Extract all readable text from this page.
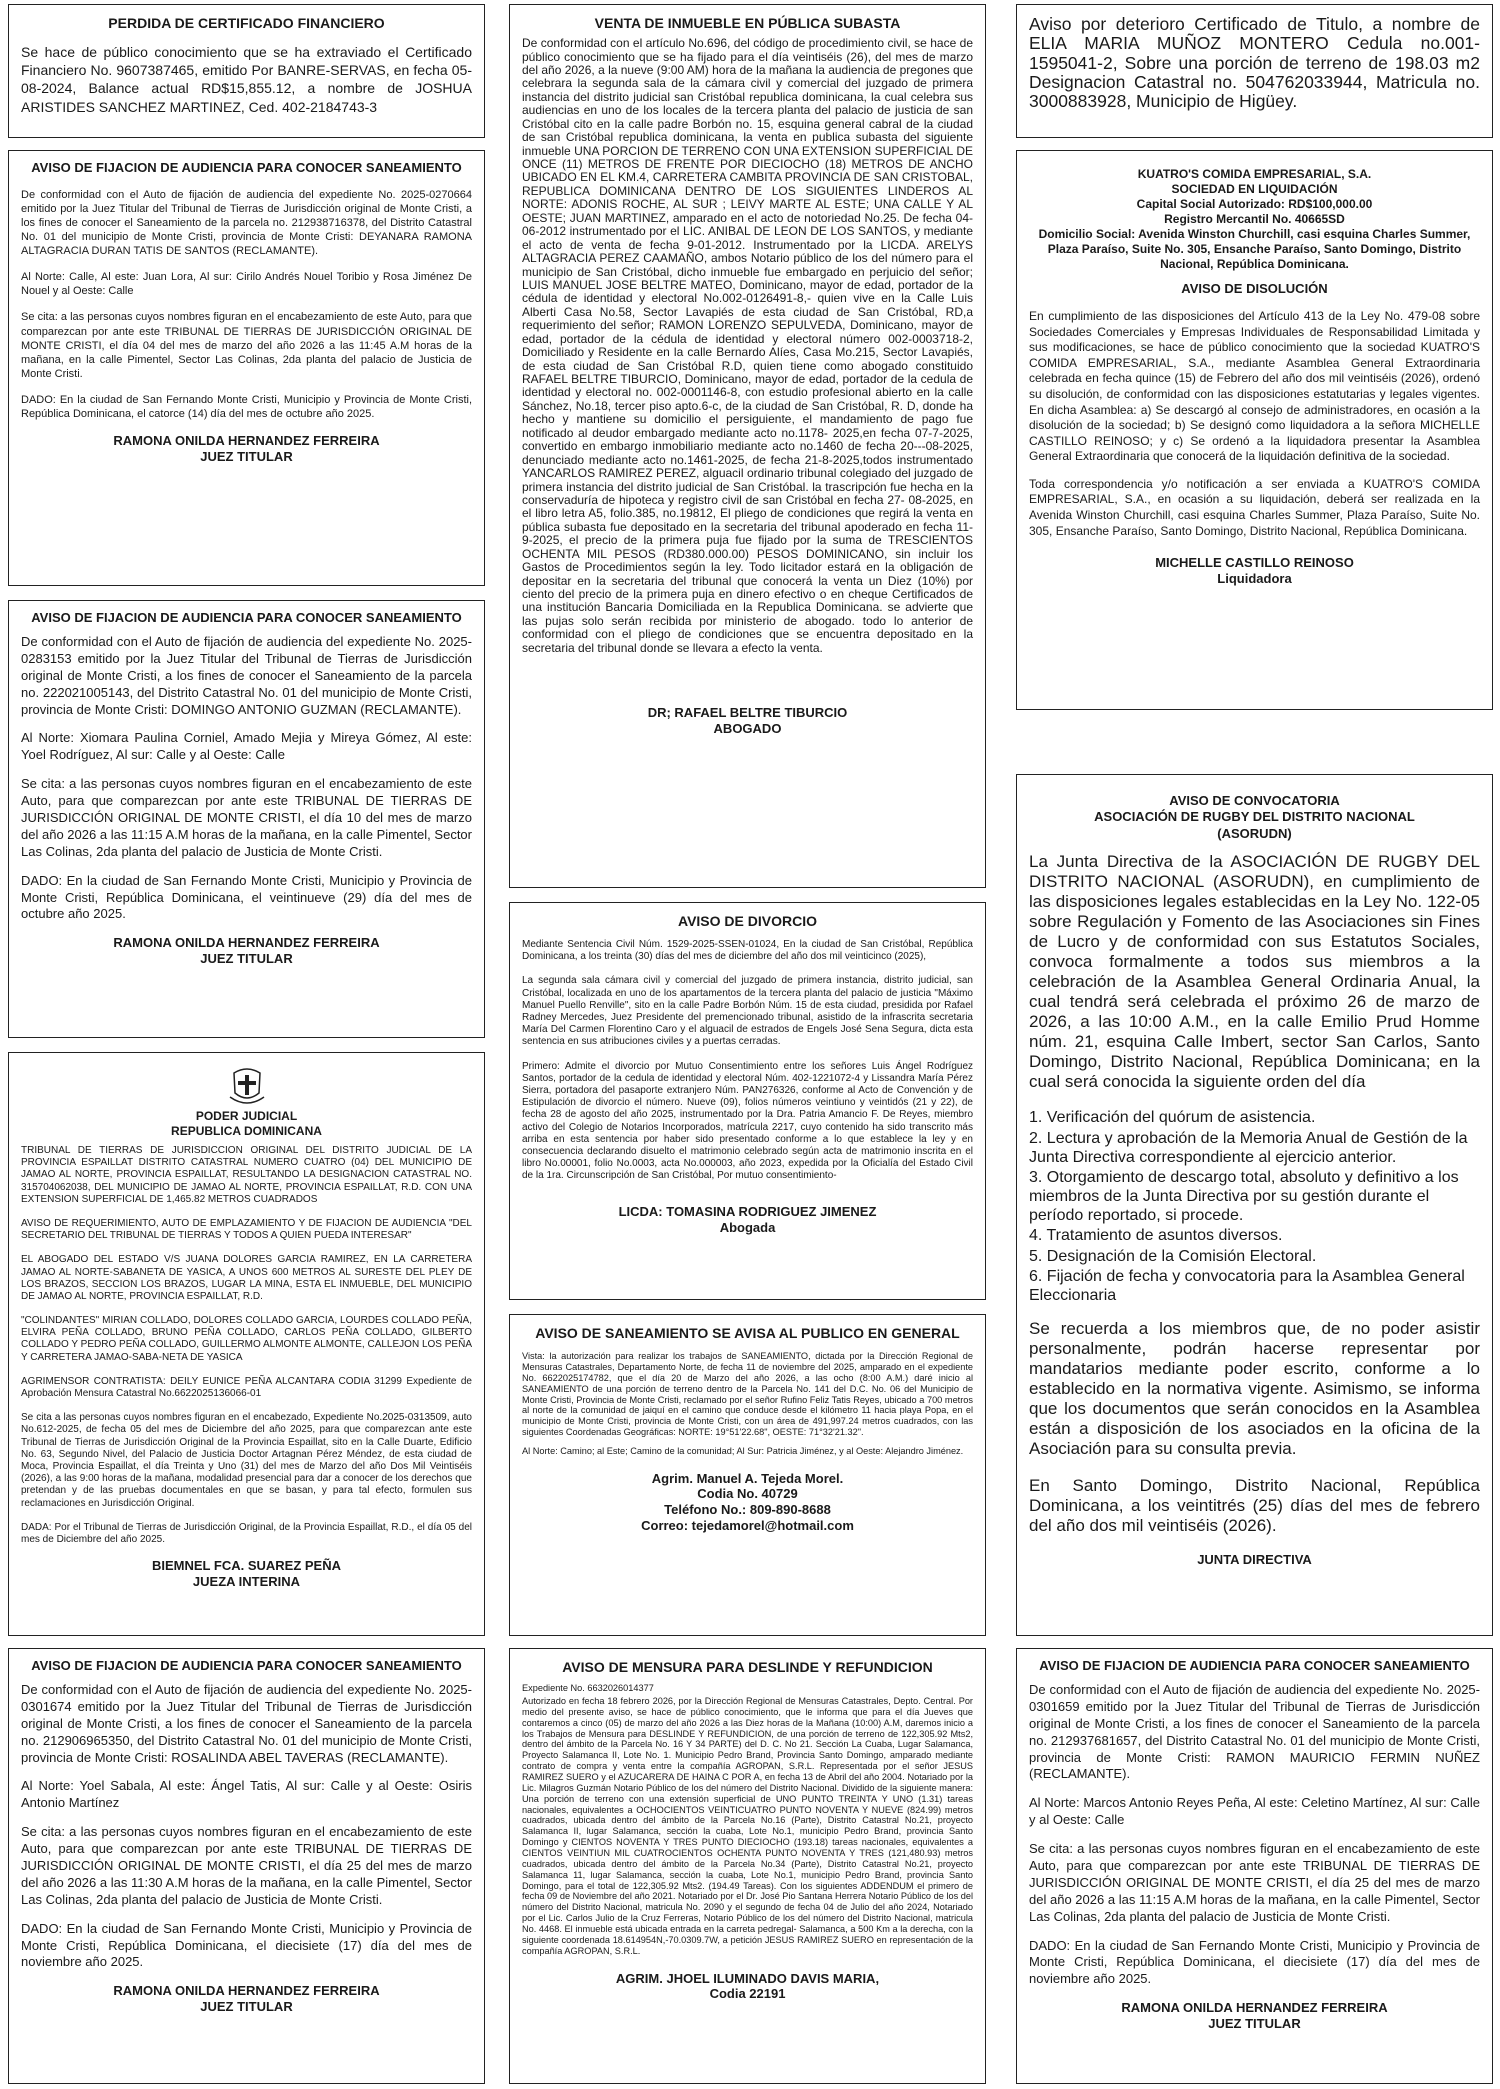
PERDIDA DE CERTIFICADO FINANCIERO
Se hace de público conocimiento que se ha extraviado el Certificado Financiero No. 9607387465, emitido Por BANRE-SERVAS, en fecha 05-08-2024, Balance actual RD$15,855.12, a nombre de JOSHUA ARISTIDES SANCHEZ MARTINEZ, Ced. 402-2184743-3
AVISO DE FIJACION DE AUDIENCIA PARA CONOCER SANEAMIENTO
De conformidad con el Auto de fijación de audiencia del expediente No. 2025-0270664 emitido por la Juez Titular del Tribunal de Tierras de Jurisdicción original de Monte Cristi, a los fines de conocer el Saneamiento de la parcela no. 212938716378, del Distrito Catastral No. 01 del municipio de Monte Cristi, provincia de Monte Cristi: DEYANARA RAMONA ALTAGRACIA DURAN TATIS DE SANTOS (RECLAMANTE).
Al Norte: Calle, Al este: Juan Lora, Al sur: Cirilo Andrés Nouel Toribio y Rosa Jiménez De Nouel y al Oeste: Calle
Se cita: a las personas cuyos nombres figuran en el encabezamiento de este Auto, para que comparezcan por ante este TRIBUNAL DE TIERRAS DE JURISDICCIÓN ORIGINAL DE MONTE CRISTI, el día 04 del mes de marzo del año 2026 a las 11:45 A.M horas de la mañana, en la calle Pimentel, Sector Las Colinas, 2da planta del palacio de Justicia de Monte Cristi.
DADO: En la ciudad de San Fernando Monte Cristi, Municipio y Provincia de Monte Cristi, República Dominicana, el catorce (14) día del mes de octubre año 2025.
RAMONA ONILDA HERNANDEZ FERREIRA
JUEZ TITULAR
AVISO DE FIJACION DE AUDIENCIA PARA CONOCER SANEAMIENTO
De conformidad con el Auto de fijación de audiencia del expediente No. 2025-0283153 emitido por la Juez Titular del Tribunal de Tierras de Jurisdicción original de Monte Cristi, a los fines de conocer el Saneamiento de la parcela no. 222021005143, del Distrito Catastral No. 01 del municipio de Monte Cristi, provincia de Monte Cristi: DOMINGO ANTONIO GUZMAN (RECLAMANTE).
Al Norte: Xiomara Paulina Corniel, Amado Mejia y Mireya Gómez, Al este: Yoel Rodríguez, Al sur: Calle y al Oeste: Calle
Se cita: a las personas cuyos nombres figuran en el encabezamiento de este Auto, para que comparezcan por ante este TRIBUNAL DE TIERRAS DE JURISDICCIÓN ORIGINAL DE MONTE CRISTI, el día 10 del mes de marzo del año 2026 a las 11:15 A.M horas de la mañana, en la calle Pimentel, Sector Las Colinas, 2da planta del palacio de Justicia de Monte Cristi.
DADO: En la ciudad de San Fernando Monte Cristi, Municipio y Provincia de Monte Cristi, República Dominicana, el veintinueve (29) día del mes de octubre año 2025.
RAMONA ONILDA HERNANDEZ FERREIRA
JUEZ TITULAR
PODER JUDICIAL
REPUBLICA DOMINICANA
TRIBUNAL DE TIERRAS DE JURISDICCION ORIGINAL DEL DISTRITO JUDICIAL DE LA PROVINCIA ESPAILLAT DISTRITO CATASTRAL NUMERO CUATRO (04) DEL MUNICIPIO DE JAMAO AL NORTE, PROVINCIA ESPAILLAT, RESULTANDO LA DESIGNACION CATASTRAL NO. 315704062038, DEL MUNICIPIO DE JAMAO AL NORTE, PROVINCIA ESPAILLAT, R.D. CON UNA EXTENSION SUPERFICIAL DE 1,465.82 METROS CUADRADOS
AVISO DE REQUERIMIENTO, AUTO DE EMPLAZAMIENTO Y DE FIJACION DE AUDIENCIA "DEL SECRETARIO DEL TRIBUNAL DE TIERRAS Y TODOS A QUIEN PUEDA INTERESAR"
EL ABOGADO DEL ESTADO V/S JUANA DOLORES GARCIA RAMIREZ, EN LA CARRETERA JAMAO AL NORTE-SABANETA DE YASICA, A UNOS 600 METROS AL SURESTE DEL PLEY DE LOS BRAZOS, SECCION LOS BRAZOS, LUGAR LA MINA, ESTA EL INMUEBLE, DEL MUNICIPIO DE JAMAO AL NORTE, PROVINCIA ESPAILLAT, R.D.
"COLINDANTES" MIRIAN COLLADO, DOLORES COLLADO GARCIA, LOURDES COLLADO PEÑA, ELVIRA PEÑA COLLADO, BRUNO PEÑA COLLADO, CARLOS PEÑA COLLADO, GILBERTO COLLADO Y PEDRO PEÑA COLLADO, GUILLERMO ALMONTE ALMONTE, CALLEJON LOS PEÑA Y CARRETERA JAMAO-SABA-NETA DE YASICA
AGRIMENSOR CONTRATISTA: DEILY EUNICE PEÑA ALCANTARA CODIA 31299 Expediente de Aprobación Mensura Catastral No.6622025136066-01
Se cita a las personas cuyos nombres figuran en el encabezado, Expediente No.2025-0313509, auto No.612-2025, de fecha 05 del mes de Diciembre del año 2025, para que comparezcan ante este Tribunal de Tierras de Jurisdicción Original de la Provincia Espaillat, sito en la Calle Duarte, Edificio No. 63, Segundo Nivel, del Palacio de Justicia Doctor Artagnan Pérez Méndez, de esta ciudad de Moca, Provincia Espaillat, el día Treinta y Uno (31) del mes de Marzo del año Dos Mil Veintiséis (2026), a las 9:00 horas de la mañana, modalidad presencial para dar a conocer de los derechos que pretendan y de las pruebas documentales en que se basan, y para tal efecto, formulen sus reclamaciones en Jurisdicción Original.
DADA: Por el Tribunal de Tierras de Jurisdicción Original, de la Provincia Espaillat, R.D., el día 05 del mes de Diciembre del año 2025.
BIEMNEL FCA. SUAREZ PEÑA
JUEZA INTERINA
AVISO DE FIJACION DE AUDIENCIA PARA CONOCER SANEAMIENTO
De conformidad con el Auto de fijación de audiencia del expediente No. 2025-0301674 emitido por la Juez Titular del Tribunal de Tierras de Jurisdicción original de Monte Cristi, a los fines de conocer el Saneamiento de la parcela no. 212906965350, del Distrito Catastral No. 01 del municipio de Monte Cristi, provincia de Monte Cristi: ROSALINDA ABEL TAVERAS (RECLAMANTE).
Al Norte: Yoel Sabala, Al este: Ángel Tatis, Al sur: Calle y al Oeste: Osiris Antonio Martínez
Se cita: a las personas cuyos nombres figuran en el encabezamiento de este Auto, para que comparezcan por ante este TRIBUNAL DE TIERRAS DE JURISDICCIÓN ORIGINAL DE MONTE CRISTI, el día 25 del mes de marzo del año 2026 a las 11:30 A.M horas de la mañana, en la calle Pimentel, Sector Las Colinas, 2da planta del palacio de Justicia de Monte Cristi.
DADO: En la ciudad de San Fernando Monte Cristi, Municipio y Provincia de Monte Cristi, República Dominicana, el diecisiete (17) día del mes de noviembre año 2025.
RAMONA ONILDA HERNANDEZ FERREIRA
JUEZ TITULAR
VENTA DE INMUEBLE EN PÚBLICA SUBASTA
De conformidad con el artículo No.696, del código de procedimiento civil, se hace de público conocimiento que se ha fijado para el día veintiséis (26), del mes de marzo del año 2026, a la nueve (9:00 AM) hora de la mañana la audiencia de pregones que celebrara la segunda sala de la cámara civil y comercial del juzgado de primera instancia del distrito judicial san Cristóbal republica dominicana, la cual celebra sus audiencias en uno de los locales de la tercera planta del palacio de justicia de san Cristóbal cito en la calle padre Borbón no. 15, esquina general cabral de la ciudad de san Cristóbal republica dominicana, la venta en publica subasta del siguiente inmueble UNA PORCION DE TERRENO CON UNA EXTENSION SUPERFICIAL DE ONCE (11) METROS DE FRENTE POR DIECIOCHO (18) METROS DE ANCHO UBICADO EN EL KM.4, CARRETERA CAMBITA PROVINCIA DE SAN CRISTOBAL, REPUBLICA DOMINICANA DENTRO DE LOS SIGUIENTES LINDEROS AL NORTE: ADONIS ROCHE, AL SUR ; LEIVY MARTE AL ESTE; UNA CALLE Y AL OESTE; JUAN MARTINEZ, amparado en el acto de notoriedad No.25. De fecha 04-06-2012 instrumentado por el LIC. ANIBAL DE LEON DE LOS SANTOS, y mediante el acto de venta de fecha 9-01-2012. Instrumentado por la LICDA. ARELYS ALTAGRACIA PEREZ CAAMAÑO, ambos Notario público de los del número para el municipio de San Cristóbal, dicho inmueble fue embargado en perjuicio del señor; LUIS MANUEL JOSE BELTRE MATEO, Dominicano, mayor de edad, portador de la cédula de identidad y electoral No.002-0126491-8,- quien vive en la Calle Luis Alberti Casa No.58, Sector Lavapiés de esta ciudad de San Cristóbal, RD,a requerimiento del señor; RAMON LORENZO SEPULVEDA, Dominicano, mayor de edad, portador de la cédula de identidad y electoral número 002-0003718-2, Domiciliado y Residente en la calle Bernardo Alíes, Casa Mo.215, Sector Lavapiés, de esta ciudad de San Cristóbal R.D, quien tiene como abogado constituido RAFAEL BELTRE TIBURCIO, Dominicano, mayor de edad, portador de la cedula de identidad y electoral no. 002-0001146-8, con estudio profesional abierto en la calle Sánchez, No.18, tercer piso apto.6-c, de la ciudad de San Cristóbal, R. D, donde ha hecho y mantiene su domicilio el persiguiente, el mandamiento de pago fue notificado al deudor embargado mediante acto no.1178- 2025,en fecha 07-7-2025, convertido en embargo inmobiliario mediante acto no.1460 de fecha 20---08-2025, denunciado mediante acto no.1461-2025, de fecha 21-8-2025,todos instrumentado YANCARLOS RAMIREZ PEREZ, alguacil ordinario tribunal colegiado del juzgado de primera instancia del distrito judicial de San Cristóbal. la trascripción fue hecha en la conservaduría de hipoteca y registro civil de san Cristóbal en fecha 27- 08-2025, en el libro letra A5, folio.385, no.19812, El pliego de condiciones que regirá la venta en pública subasta fue depositado en la secretaria del tribunal apoderado en fecha 11-9-2025, el precio de la primera puja fue fijado por la suma de TRESCIENTOS OCHENTA MIL PESOS (RD380.000.00) PESOS DOMINICANO, sin incluir los Gastos de Procedimientos según la ley. Todo licitador estará en la obligación de depositar en la secretaria del tribunal que conocerá la venta un Diez (10%) por ciento del precio de la primera puja en dinero efectivo o en cheque Certificados de una institución Bancaria Domiciliada en la Republica Dominicana. se advierte que las pujas solo serán recibida por ministerio de abogado. todo lo anterior de conformidad con el pliego de condiciones que se encuentra depositado en la secretaria del tribunal donde se llevara a efecto la venta.
DR; RAFAEL BELTRE TIBURCIO
ABOGADO
AVISO DE DIVORCIO
Mediante Sentencia Civil Núm. 1529-2025-SSEN-01024, En la ciudad de San Cristóbal, República Dominicana, a los treinta (30) días del mes de diciembre del año dos mil veinticinco (2025),
La segunda sala cámara civil y comercial del juzgado de primera instancia, distrito judicial, san Cristóbal, localizada en uno de los apartamentos de la tercera planta del palacio de justicia "Máximo Manuel Puello Renville", sito en la calle Padre Borbón Núm. 15 de esta ciudad, presidida por Rafael Radney Mercedes, Juez Presidente del premencionado tribunal, asistido de la infrascrita secretaria María Del Carmen Florentino Caro y el alguacil de estrados de Engels José Sena Segura, dicta esta sentencia en sus atribuciones civiles y a puertas cerradas.
Primero: Admite el divorcio por Mutuo Consentimiento entre los señores Luis Ángel Rodríguez Santos, portador de la cedula de identidad y electoral Núm. 402-1221072-4 y Lissandra María Pérez Sierra, portadora del pasaporte extranjero Núm. PAN276326, conforme al Acto de Convención y de Estipulación de divorcio el número. Nueve (09), folios números veintiuno y veintidós (21 y 22), de fecha 28 de agosto del año 2025, instrumentado por la Dra. Patria Amancio F. De Reyes, miembro activo del Colegio de Notarios Incorporados, matrícula 2217, cuyo contenido ha sido transcrito más arriba en esta sentencia por haber sido presentado conforme a lo que establece la ley y en consecuencia declarando disuelto el matrimonio celebrado según acta de matrimonio inscrita en el libro No.00001, folio No.0003, acta No.000003, año 2023, expedida por la Oficialía del Estado Civil de la 1ra. Circunscripción de San Cristóbal, Por mutuo consentimiento-
LICDA: TOMASINA RODRIGUEZ JIMENEZ
Abogada
AVISO DE SANEAMIENTO SE AVISA AL PUBLICO EN GENERAL
Vista: la autorización para realizar los trabajos de SANEAMIENTO, dictada por la Dirección Regional de Mensuras Catastrales, Departamento Norte, de fecha 11 de noviembre del 2025, amparado en el expediente No. 6622025174782, que el día 20 de Marzo del año 2026, a las ocho (8:00 A.M.) daré inicio al SANEAMIENTO de una porción de terreno dentro de la Parcela No. 141 del D.C. No. 06 del Municipio de Monte Cristi, Provincia de Monte Cristi, reclamado por el señor Rufino Feliz Tatis Reyes, ubicado a 700 metros al norte de la comunidad de jaiquí en el camino que conduce desde el kilómetro 11 hacia playa Popa, en el municipio de Monte Cristi, provincia de Monte Cristi, con un área de 491,997.24 metros cuadrados, con las siguientes Coordenadas Geográficas: NORTE: 19°51'22.68", OESTE: 71°32'21.32".
Al Norte: Camino; al Este; Camino de la comunidad; Al Sur: Patricia Jiménez, y al Oeste: Alejandro Jiménez.
Agrim. Manuel A. Tejeda Morel.
Codia No. 40729
Teléfono No.: 809-890-8688
Correo: tejedamorel@hotmail.com
AVISO DE MENSURA PARA DESLINDE Y REFUNDICION
Expediente No. 6632026014377
Autorizado en fecha 18 febrero 2026, por la Dirección Regional de Mensuras Catastrales, Depto. Central. Por medio del presente aviso, se hace de público conocimiento, que le informa que para el día Jueves que contaremos a cinco (05) de marzo del año 2026 a las Diez horas de la Mañana (10:00) A.M, daremos inicio a los Trabajos de Mensura para DESLINDE Y REFUNDICION, de una porción de terreno de 122,305.92 Mts2, dentro del ámbito de la Parcela No. 16 Y 34 PARTE) del D. C. No 21. Sección La Cuaba, Lugar Salamanca, Proyecto Salamanca II, Lote No. 1. Municipio Pedro Brand, Provincia Santo Domingo, amparado mediante contrato de compra y venta entre la compañía AGROPAN, S.R.L. Representada por el señor JESUS RAMIREZ SUERO y el AZUCARERA DE HAINA C POR A, en fecha 13 de Abril del año 2004. Notariado por la Lic. Milagros Guzmán Notario Público de los del número del Distrito Nacional. Dividido de la siguiente manera: Una porción de terreno con una extensión superficial de UNO PUNTO TREINTA Y UNO (1.31) tareas nacionales, equivalentes a OCHOCIENTOS VEINTICUATRO PUNTO NOVENTA Y NUEVE (824.99) metros cuadrados, ubicada dentro del ámbito de la Parcela No.16 (Parte), Distrito Catastral No.21, proyecto Salamanca II, lugar Salamanca, sección la cuaba, Lote No.1, municipio Pedro Brand, provincia Santo Domingo y CIENTOS NOVENTA Y TRES PUNTO DIECIOCHO (193.18) tareas nacionales, equivalentes a CIENTOS VEINTIUN MIL CUATROCIENTOS OCHENTA PUNTO NOVENTA Y TRES (121,480.93) metros cuadrados, ubicada dentro del ámbito de la Parcela No.34 (Parte), Distrito Catastral No.21, proyecto Salamanca 11, lugar Salamanca, sección la cuaba, Lote No.1, municipio Pedro Brand, provincia Santo Domingo, para el total de 122,305.92 Mts2. (194.49 Tareas). Con los siguientes ADDENDUM el primero de fecha 09 de Noviembre del año 2021. Notariado por el Dr. José Pio Santana Herrera Notario Público de los del número del Distrito Nacional, matricula No. 2090 y el segundo de fecha 04 de Julio del año 2024, Notariado por el Lic. Carlos Julio de la Cruz Ferreras, Notario Público de los del número del Distrito Nacional, matricula No. 4468. El inmueble está ubicada entrada en la carreta pedregal- Salamanca, a 500 Km a la derecha, con la siguiente coordenada 18.614954N,-70.0309.7W, a petición JESUS RAMIREZ SUERO en representación de la compañía AGROPAN, S.R.L.
AGRIM. JHOEL ILUMINADO DAVIS MARIA,
Codia 22191
Aviso por deterioro Certificado de Titulo, a nombre de ELIA MARIA MUÑOZ MONTERO Cedula no.001-1595041-2, Sobre una porción de terreno de 198.03 m2 Designacion Catastral no. 504762033944, Matricula no. 3000883928, Municipio de Higüey.
KUATRO'S COMIDA EMPRESARIAL, S.A.
SOCIEDAD EN LIQUIDACIÓN
Capital Social Autorizado: RD$100,000.00
Registro Mercantil No. 40665SD
Domicilio Social: Avenida Winston Churchill, casi esquina Charles Summer, Plaza Paraíso, Suite No. 305, Ensanche Paraíso, Santo Domingo, Distrito Nacional, República Dominicana.
AVISO DE DISOLUCIÓN
En cumplimiento de las disposiciones del Artículo 413 de la Ley No. 479-08 sobre Sociedades Comerciales y Empresas Individuales de Responsabilidad Limitada y sus modificaciones, se hace de público conocimiento que la sociedad KUATRO'S COMIDA EMPRESARIAL, S.A., mediante Asamblea General Extraordinaria celebrada en fecha quince (15) de Febrero del año dos mil veintiséis (2026), ordenó su disolución, de conformidad con las disposiciones estatutarias y legales vigentes. En dicha Asamblea: a) Se descargó al consejo de administradores, en ocasión a la disolución de la sociedad; b) Se designó como liquidadora a la señora MICHELLE CASTILLO REINOSO; y c) Se ordenó a la liquidadora presentar la Asamblea General Extraordinaria que conocerá de la liquidación definitiva de la sociedad.
Toda correspondencia y/o notificación a ser enviada a KUATRO'S COMIDA EMPRESARIAL, S.A., en ocasión a su liquidación, deberá ser realizada en la Avenida Winston Churchill, casi esquina Charles Summer, Plaza Paraíso, Suite No. 305, Ensanche Paraíso, Santo Domingo, Distrito Nacional, República Dominicana.
MICHELLE CASTILLO REINOSO
Liquidadora
AVISO DE CONVOCATORIA
ASOCIACIÓN DE RUGBY DEL DISTRITO NACIONAL
(ASORUDN)
La Junta Directiva de la ASOCIACIÓN DE RUGBY DEL DISTRITO NACIONAL (ASORUDN), en cumplimiento de las disposiciones legales establecidas en la Ley No. 122-05 sobre Regulación y Fomento de las Asociaciones sin Fines de Lucro y de conformidad con sus Estatutos Sociales, convoca formalmente a todos sus miembros a la celebración de la Asamblea General Ordinaria Anual, la cual tendrá será celebrada el próximo 26 de marzo de 2026, a las 10:00 A.M., en la calle Emilio Prud Homme núm. 21, esquina Calle Imbert, sector San Carlos, Santo Domingo, Distrito Nacional, República Dominicana; en la cual será conocida la siguiente orden del día
1. Verificación del quórum de asistencia.
2. Lectura y aprobación de la Memoria Anual de Gestión de la Junta Directiva correspondiente al ejercicio anterior.
3. Otorgamiento de descargo total, absoluto y definitivo a los miembros de la Junta Directiva por su gestión durante el período reportado, si procede.
4. Tratamiento de asuntos diversos.
5. Designación de la Comisión Electoral.
6. Fijación de fecha y convocatoria para la Asamblea General Eleccionaria
Se recuerda a los miembros que, de no poder asistir personalmente, podrán hacerse representar por mandatarios mediante poder escrito, conforme a lo establecido en la normativa vigente. Asimismo, se informa que los documentos que serán conocidos en la Asamblea están a disposición de los asociados en la oficina de la Asociación para su consulta previa.
En Santo Domingo, Distrito Nacional, República Dominicana, a los veintitrés (25) días del mes de febrero del año dos mil veintiséis (2026).
JUNTA DIRECTIVA
AVISO DE FIJACION DE AUDIENCIA PARA CONOCER SANEAMIENTO
De conformidad con el Auto de fijación de audiencia del expediente No. 2025-0301659 emitido por la Juez Titular del Tribunal de Tierras de Jurisdicción original de Monte Cristi, a los fines de conocer el Saneamiento de la parcela no. 212937681657, del Distrito Catastral No. 01 del municipio de Monte Cristi, provincia de Monte Cristi: RAMON MAURICIO FERMIN NUÑEZ (RECLAMANTE).
Al Norte: Marcos Antonio Reyes Peña, Al este: Celetino Martínez, Al sur: Calle y al Oeste: Calle
Se cita: a las personas cuyos nombres figuran en el encabezamiento de este Auto, para que comparezcan por ante este TRIBUNAL DE TIERRAS DE JURISDICCIÓN ORIGINAL DE MONTE CRISTI, el día 25 del mes de marzo del año 2026 a las 11:15 A.M horas de la mañana, en la calle Pimentel, Sector Las Colinas, 2da planta del palacio de Justicia de Monte Cristi.
DADO: En la ciudad de San Fernando Monte Cristi, Municipio y Provincia de Monte Cristi, República Dominicana, el diecisiete (17) día del mes de noviembre año 2025.
RAMONA ONILDA HERNANDEZ FERREIRA
JUEZ TITULAR
